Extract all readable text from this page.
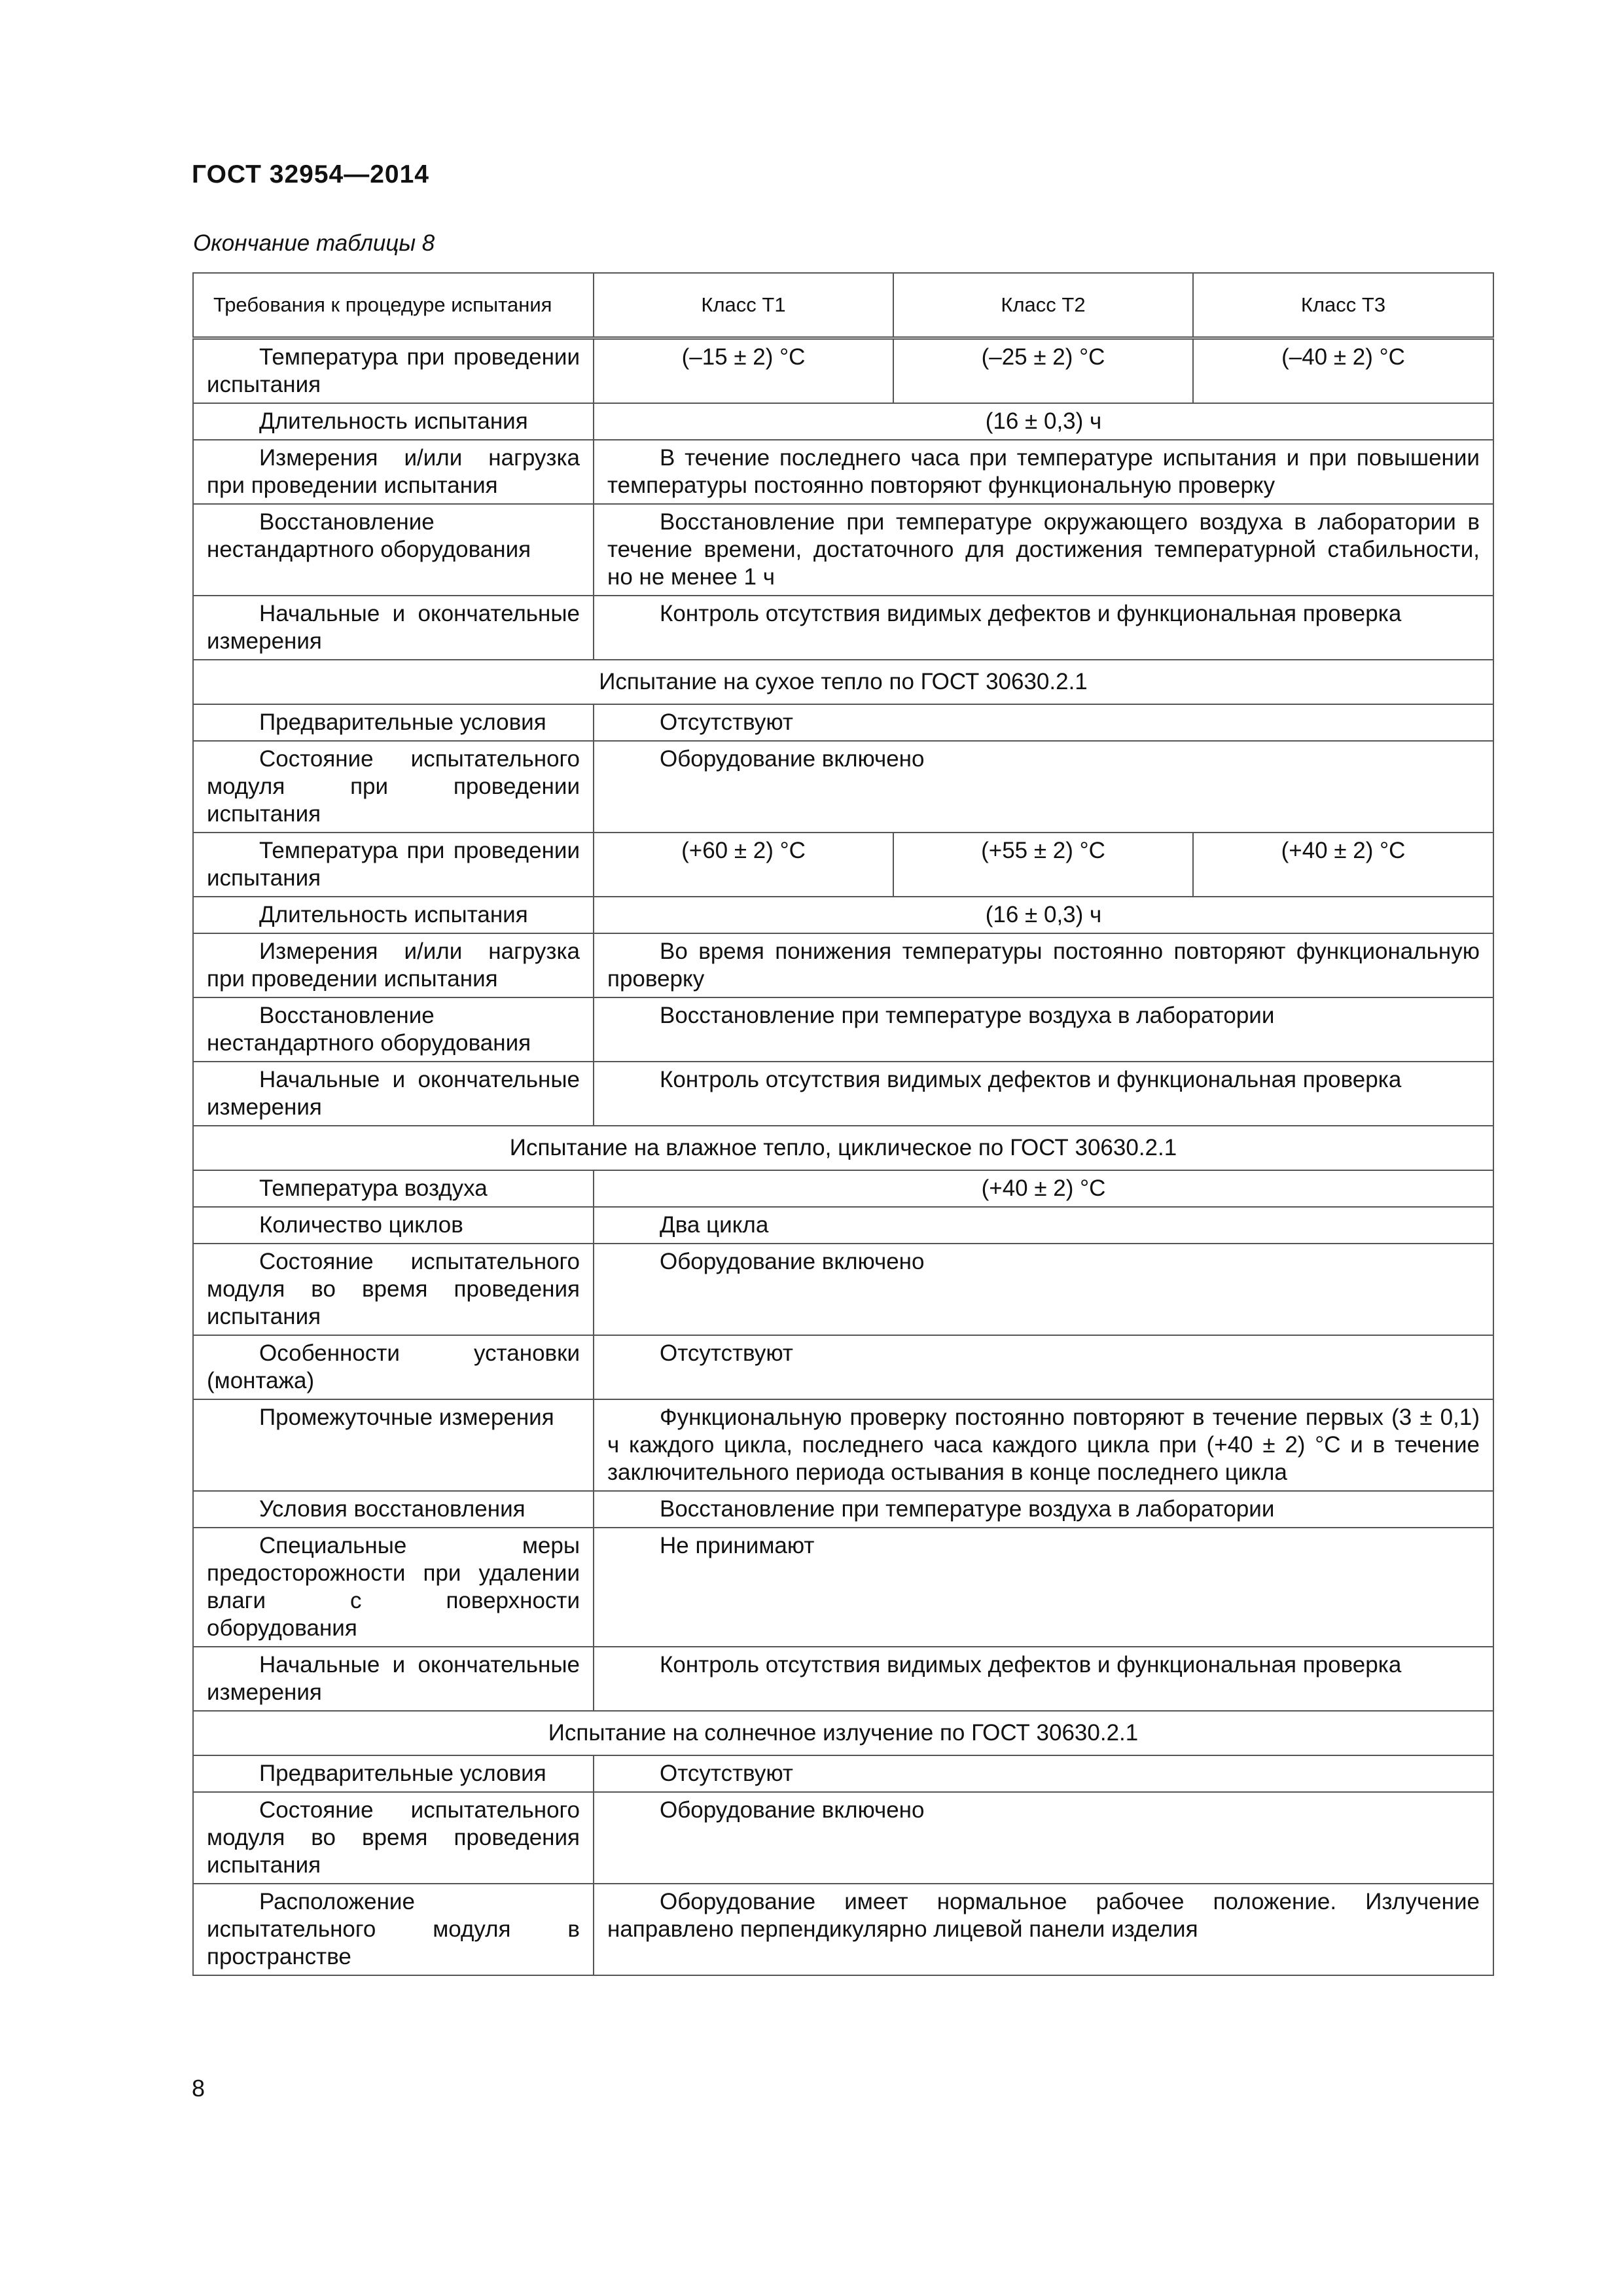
ГОСТ 32954—2014
Окончание таблицы 8
Требования к процедуре испытания	Класс Т1	Класс Т2	Класс Т3
Температура при проведении испытания	(–15 ± 2) °С	(–25 ± 2) °С	(–40 ± 2) °С
Длительность испытания	(16 ± 0,3) ч		
Измерения и/или нагрузка при проведении испытания	В течение последнего часа при температуре испытания и при повышении температуры постоянно повторяют функциональную проверку		
Восстановление нестандартного оборудования	Восстановление при температуре окружающего воздуха в лаборатории в течение времени, достаточного для достижения температурной стабильности, но не менее 1 ч		
Начальные и окончательные измерения	Контроль отсутствия видимых дефектов и функциональная проверка		
Испытание на сухое тепло по ГОСТ 30630.2.1			
Предварительные условия	Отсутствуют		
Состояние испытательного модуля при проведении испытания	Оборудование включено		
Температура при проведении испытания	(+60 ± 2) °С	(+55 ± 2) °С	(+40 ± 2) °С
Длительность испытания	(16 ± 0,3) ч		
Измерения и/или нагрузка при проведении испытания	Во время понижения температуры постоянно повторяют функциональную проверку		
Восстановление нестандартного оборудования	Восстановление при температуре воздуха в лаборатории		
Начальные и окончательные измерения	Контроль отсутствия видимых дефектов и функциональная проверка		
Испытание на влажное тепло, циклическое по ГОСТ 30630.2.1			
Температура воздуха	(+40 ± 2) °С		
Количество циклов	Два цикла		
Состояние испытательного модуля во время проведения испытания	Оборудование включено		
Особенности установки (монтажа)	Отсутствуют		
Промежуточные измерения	Функциональную проверку постоянно повторяют в течение первых (3 ± 0,1) ч каждого цикла, последнего часа каждого цикла при (+40 ± 2) °С и в течение заключительного периода остывания в конце последнего цикла		
Условия восстановления	Восстановление при температуре воздуха в лаборатории		
Специальные меры предосторожности при удалении влаги с поверхности оборудования	Не принимают		
Начальные и окончательные измерения	Контроль отсутствия видимых дефектов и функциональная проверка		
Испытание на солнечное излучение по ГОСТ 30630.2.1			
Предварительные условия	Отсутствуют		
Состояние испытательного модуля во время проведения испытания	Оборудование включено		
Расположение испытательного модуля в пространстве	Оборудование имеет нормальное рабочее положение. Излучение направлено перпендикулярно лицевой панели изделия		
8
